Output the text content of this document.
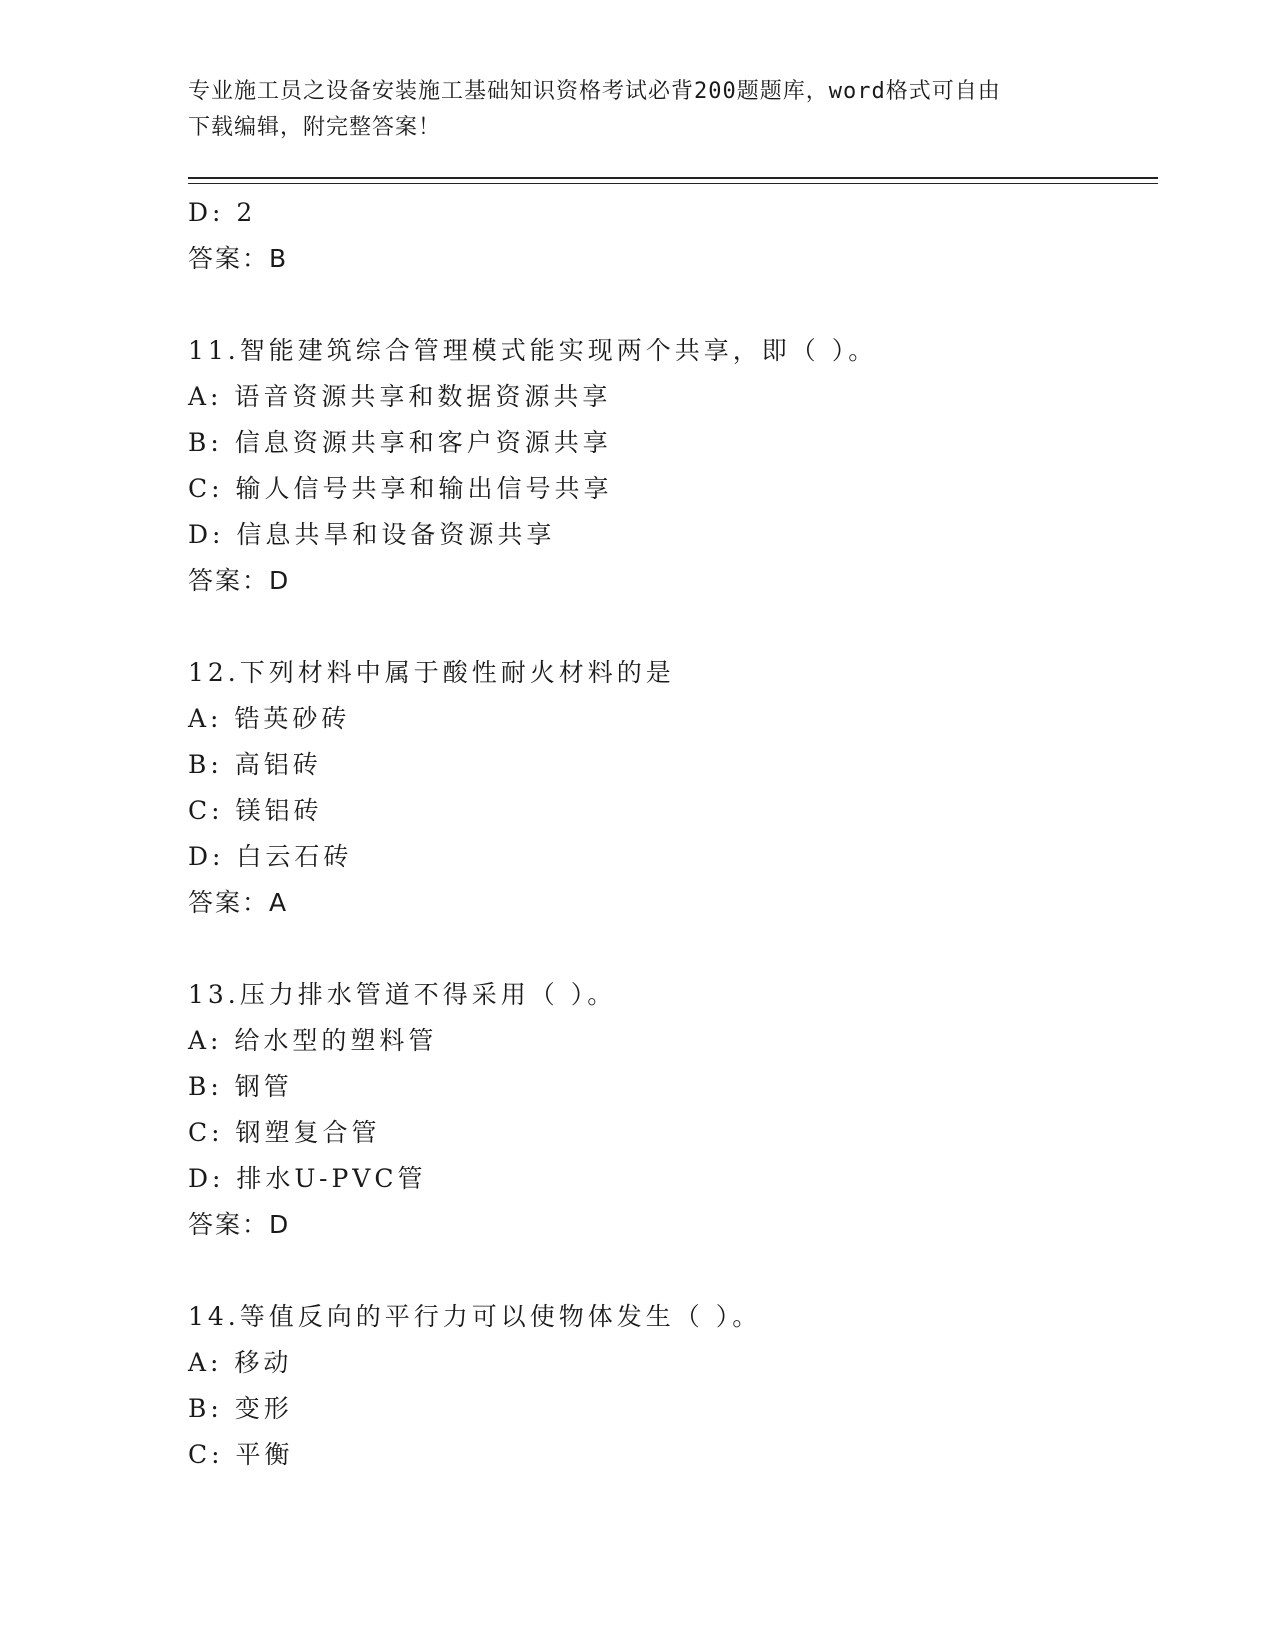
专业施工员之设备安装施工基础知识资格考试必背200题题库，word格式可自由
下载编辑，附完整答案！
D: 2
答案：B
11.智能建筑综合管理模式能实现两个共享，即（ ）。
A: 语音资源共享和数据资源共享
B: 信息资源共享和客户资源共享
C: 输人信号共享和输出信号共享
D: 信息共旱和设备资源共享
答案：D
12.下列材料中属于酸性耐火材料的是
A: 锆英砂砖
B: 高铝砖
C: 镁铝砖
D: 白云石砖
答案：A
13.压力排水管道不得采用（ ）。
A: 给水型的塑料管
B: 钢管
C: 钢塑复合管
D: 排水U-PVC管
答案：D
14.等值反向的平行力可以使物体发生（ ）。
A: 移动
B: 变形
C: 平衡
